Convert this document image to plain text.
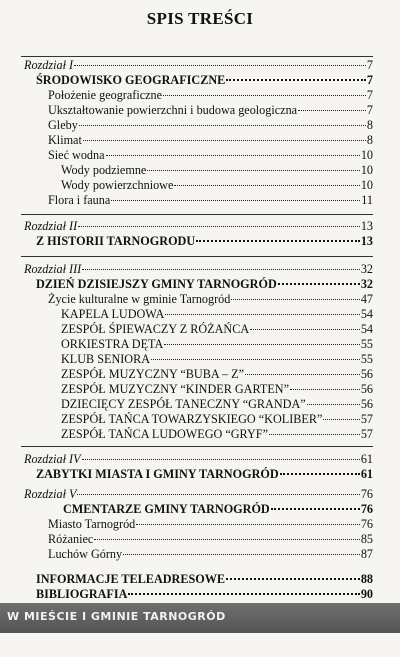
SPIS TREŚCI
Rozdział I	7
ŚRODOWISKO GEOGRAFICZNE	7
Położenie geograficzne	7
Ukształtowanie powierzchni i budowa geologiczna	7
Gleby	8
Klimat	8
Sieć wodna	10
Wody podziemne	10
Wody powierzchniowe	10
Flora i fauna	11
Rozdział II	13
Z HISTORII TARNOGRODU	13
Rozdział III	32
DZIEŃ DZISIEJSZY GMINY TARNOGRÓD	32
Życie kulturalne w gminie Tarnogród	47
KAPELA LUDOWA	54
ZESPÓŁ ŚPIEWACZY Z RÓŻAŃCA	54
ORKIESTRA DĘTA	55
KLUB SENIORA	55
ZESPÓŁ MUZYCZNY “BUBA – Z”	56
ZESPÓŁ MUZYCZNY “KINDER GARTEN”	56
DZIECIĘCY ZESPÓŁ TANECZNY “GRANDA”	56
ZESPÓŁ TAŃCA TOWARZYSKIEGO “KOLIBER”	57
ZESPÓŁ TAŃCA LUDOWEGO “GRYF”	57
Rozdział IV	61
ZABYTKI MIASTA I GMINY TARNOGRÓD	61
Rozdział V	76
CMENTARZE GMINY TARNOGRÓD	76
Miasto Tarnogród	76
Różaniec	85
Luchów Górny	87
INFORMACJE TELEADRESOWE	88
BIBLIOGRAFIA	90
W MIEŚCIE I GMINIE TARNOGRÓD
